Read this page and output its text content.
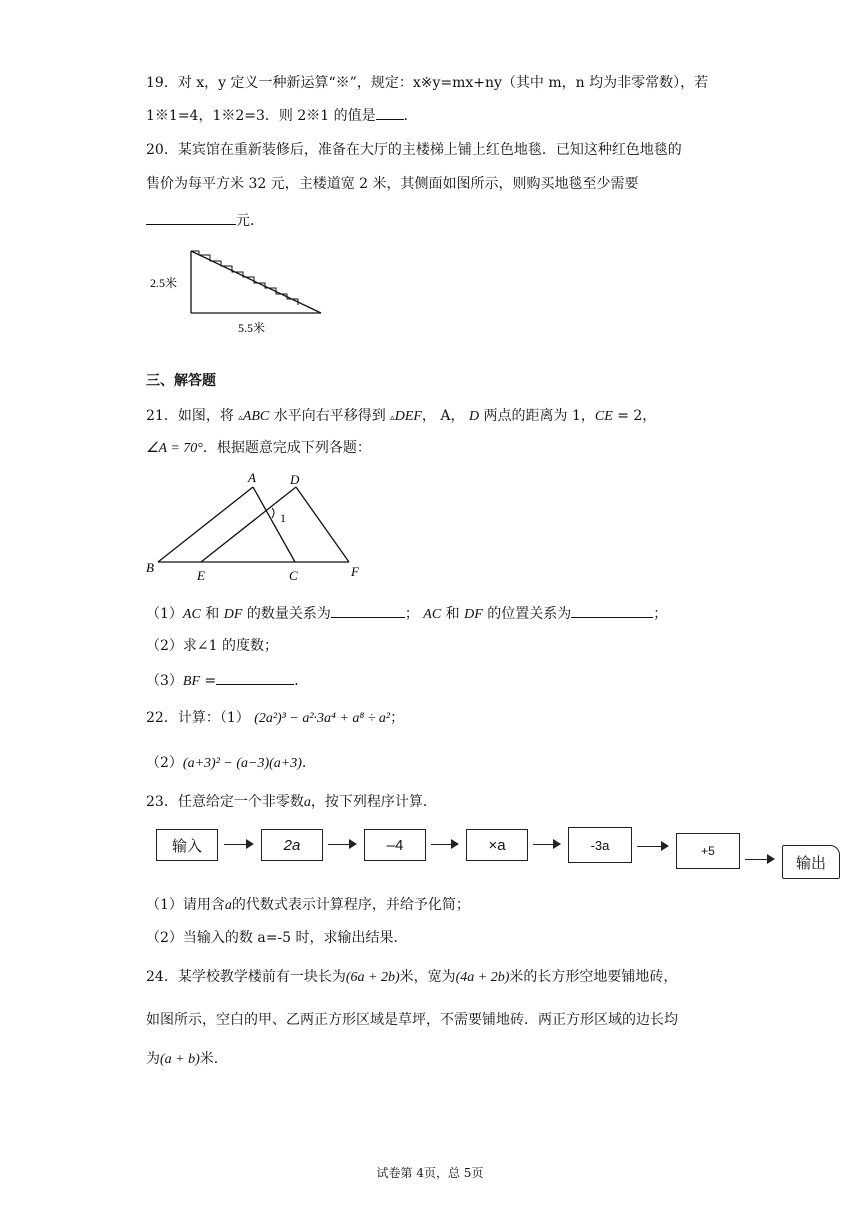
19．对 x，y 定义一种新运算“※”，规定：x※y=mx+ny（其中 m，n 均为非零常数），若
1※1=4，1※2=3．则 2※1 的值是 ．
20．某宾馆在重新装修后，准备在大厅的主楼梯上铺上红色地毯．已知这种红色地毯的
售价为每平方米 32 元，主楼道宽 2 米，其侧面如图所示，则购买地毯至少需要
元．
2.5米
5.5米
三、解答题
21．如图，将 ▵ABC 水平向右平移得到 ▵DEF， A， D 两点的距离为 1，CE = 2，
∠A = 70°．根据题意完成下列各题：
A	D
B
E	C	F
1
（1）AC 和 DF 的数量关系为	； AC 和 DF 的位置关系为	；
（2）求∠1 的度数；
（3）BF =	．
22．计算：（1） (2a²)³ − a²·3a⁴ + a⁸ ÷ a²；
（2）(a+3)² − (a−3)(a+3)．
23．任意给定一个非零数a，按下列程序计算．
输入	2a	–4	×a	-3a	+5
输出
（1）请用含a的代数式表示计算程序，并给予化简；
（2）当输入的数 a=-5 时，求输出结果．
24．某学校教学楼前有一块长为(6a + 2b)米，宽为(4a + 2b)米的长方形空地要铺地砖，
如图所示，空白的甲、乙两正方形区域是草坪，不需要铺地砖．两正方形区域的边长均
为(a + b)米．
试卷第 4页，总 5页
